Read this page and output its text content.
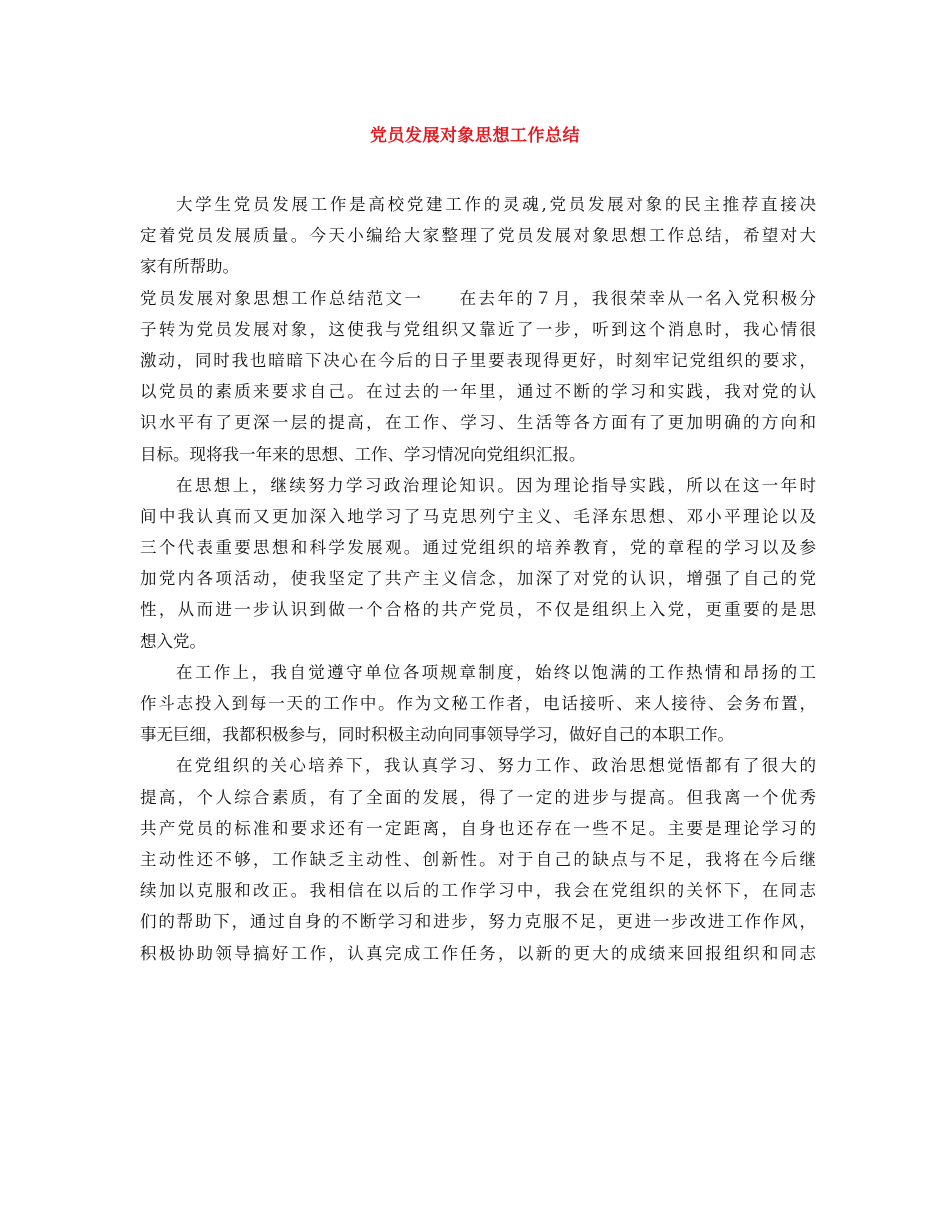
党员发展对象思想工作总结
大学生党员发展工作是高校党建工作的灵魂,党员发展对象的民主推荐直接决
定着党员发展质量。今天小编给大家整理了党员发展对象思想工作总结，希望对大
家有所帮助。
党员发展对象思想工作总结范文一 在去年的７月，我很荣幸从一名入党积极分
子转为党员发展对象，这使我与党组织又靠近了一步，听到这个消息时，我心情很
激动，同时我也暗暗下决心在今后的日子里要表现得更好，时刻牢记党组织的要求，
以党员的素质来要求自己。在过去的一年里，通过不断的学习和实践，我对党的认
识水平有了更深一层的提高，在工作、学习、生活等各方面有了更加明确的方向和
目标。现将我一年来的思想、工作、学习情况向党组织汇报。
在思想上，继续努力学习政治理论知识。因为理论指导实践，所以在这一年时
间中我认真而又更加深入地学习了马克思列宁主义、毛泽东思想、邓小平理论以及
三个代表重要思想和科学发展观。通过党组织的培养教育，党的章程的学习以及参
加党内各项活动，使我坚定了共产主义信念，加深了对党的认识，增强了自己的党
性，从而进一步认识到做一个合格的共产党员，不仅是组织上入党，更重要的是思
想入党。
在工作上，我自觉遵守单位各项规章制度，始终以饱满的工作热情和昂扬的工
作斗志投入到每一天的工作中。作为文秘工作者，电话接听、来人接待、会务布置，
事无巨细，我都积极参与，同时积极主动向同事领导学习，做好自己的本职工作。
在党组织的关心培养下，我认真学习、努力工作、政治思想觉悟都有了很大的
提高，个人综合素质，有了全面的发展，得了一定的进步与提高。但我离一个优秀
共产党员的标准和要求还有一定距离，自身也还存在一些不足。主要是理论学习的
主动性还不够，工作缺乏主动性、创新性。对于自己的缺点与不足，我将在今后继
续加以克服和改正。我相信在以后的工作学习中，我会在党组织的关怀下，在同志
们的帮助下，通过自身的不断学习和进步，努力克服不足，更进一步改进工作作风，
积极协助领导搞好工作，认真完成工作任务，以新的更大的成绩来回报组织和同志
